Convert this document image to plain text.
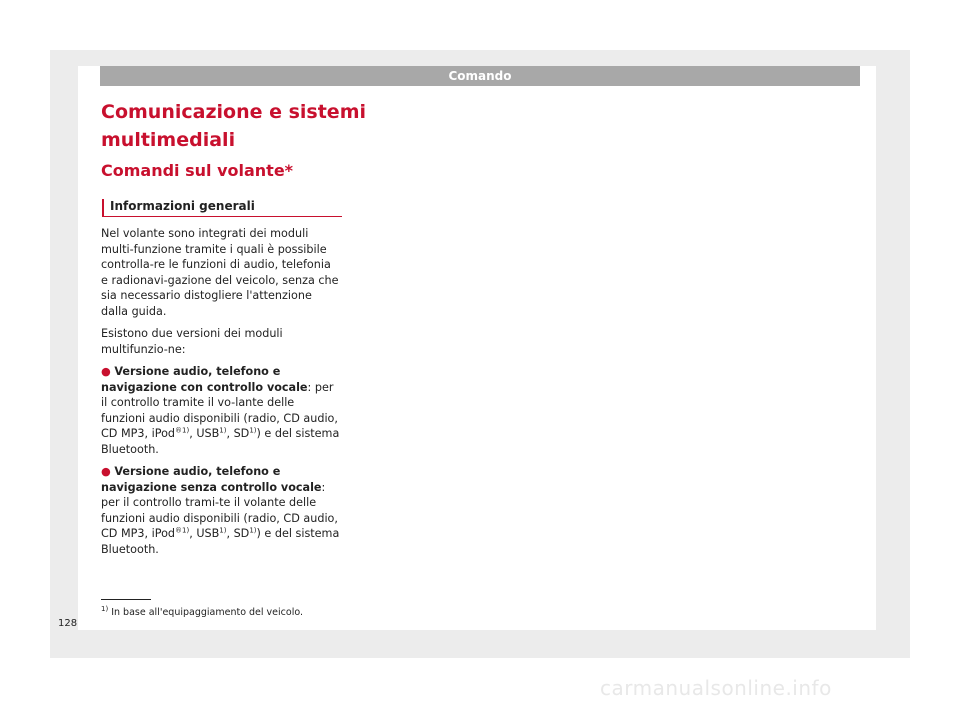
Comando
Comunicazione e sistemi multimediali
Comandi sul volante*
Informazioni generali

Nel volante sono integrati dei moduli multi-funzione tramite i quali è possibile controlla-re le funzioni di audio, telefonia e radionavi-gazione del veicolo, senza che sia necessario distogliere l'attenzione dalla guida.

Esistono due versioni dei moduli multifunzio-ne:

● Versione audio, telefono e navigazione con controllo vocale: per il controllo tramite il vo-lante delle funzioni audio disponibili (radio, CD audio, CD MP3, iPod$^{®1)}$, USB$^{1)}$, SD$^{1)}$) e del sistema Bluetooth.

● Versione audio, telefono e navigazione senza controllo vocale: per il controllo trami-te il volante delle funzioni audio disponibili (radio, CD audio, CD MP3, iPod$^{®1)}$, USB$^{1)}$, SD$^{1)}$) e del sistema Bluetooth.

$^{1)}$ In base all'equipaggiamento del veicolo.
128
carmanualsonline.info
